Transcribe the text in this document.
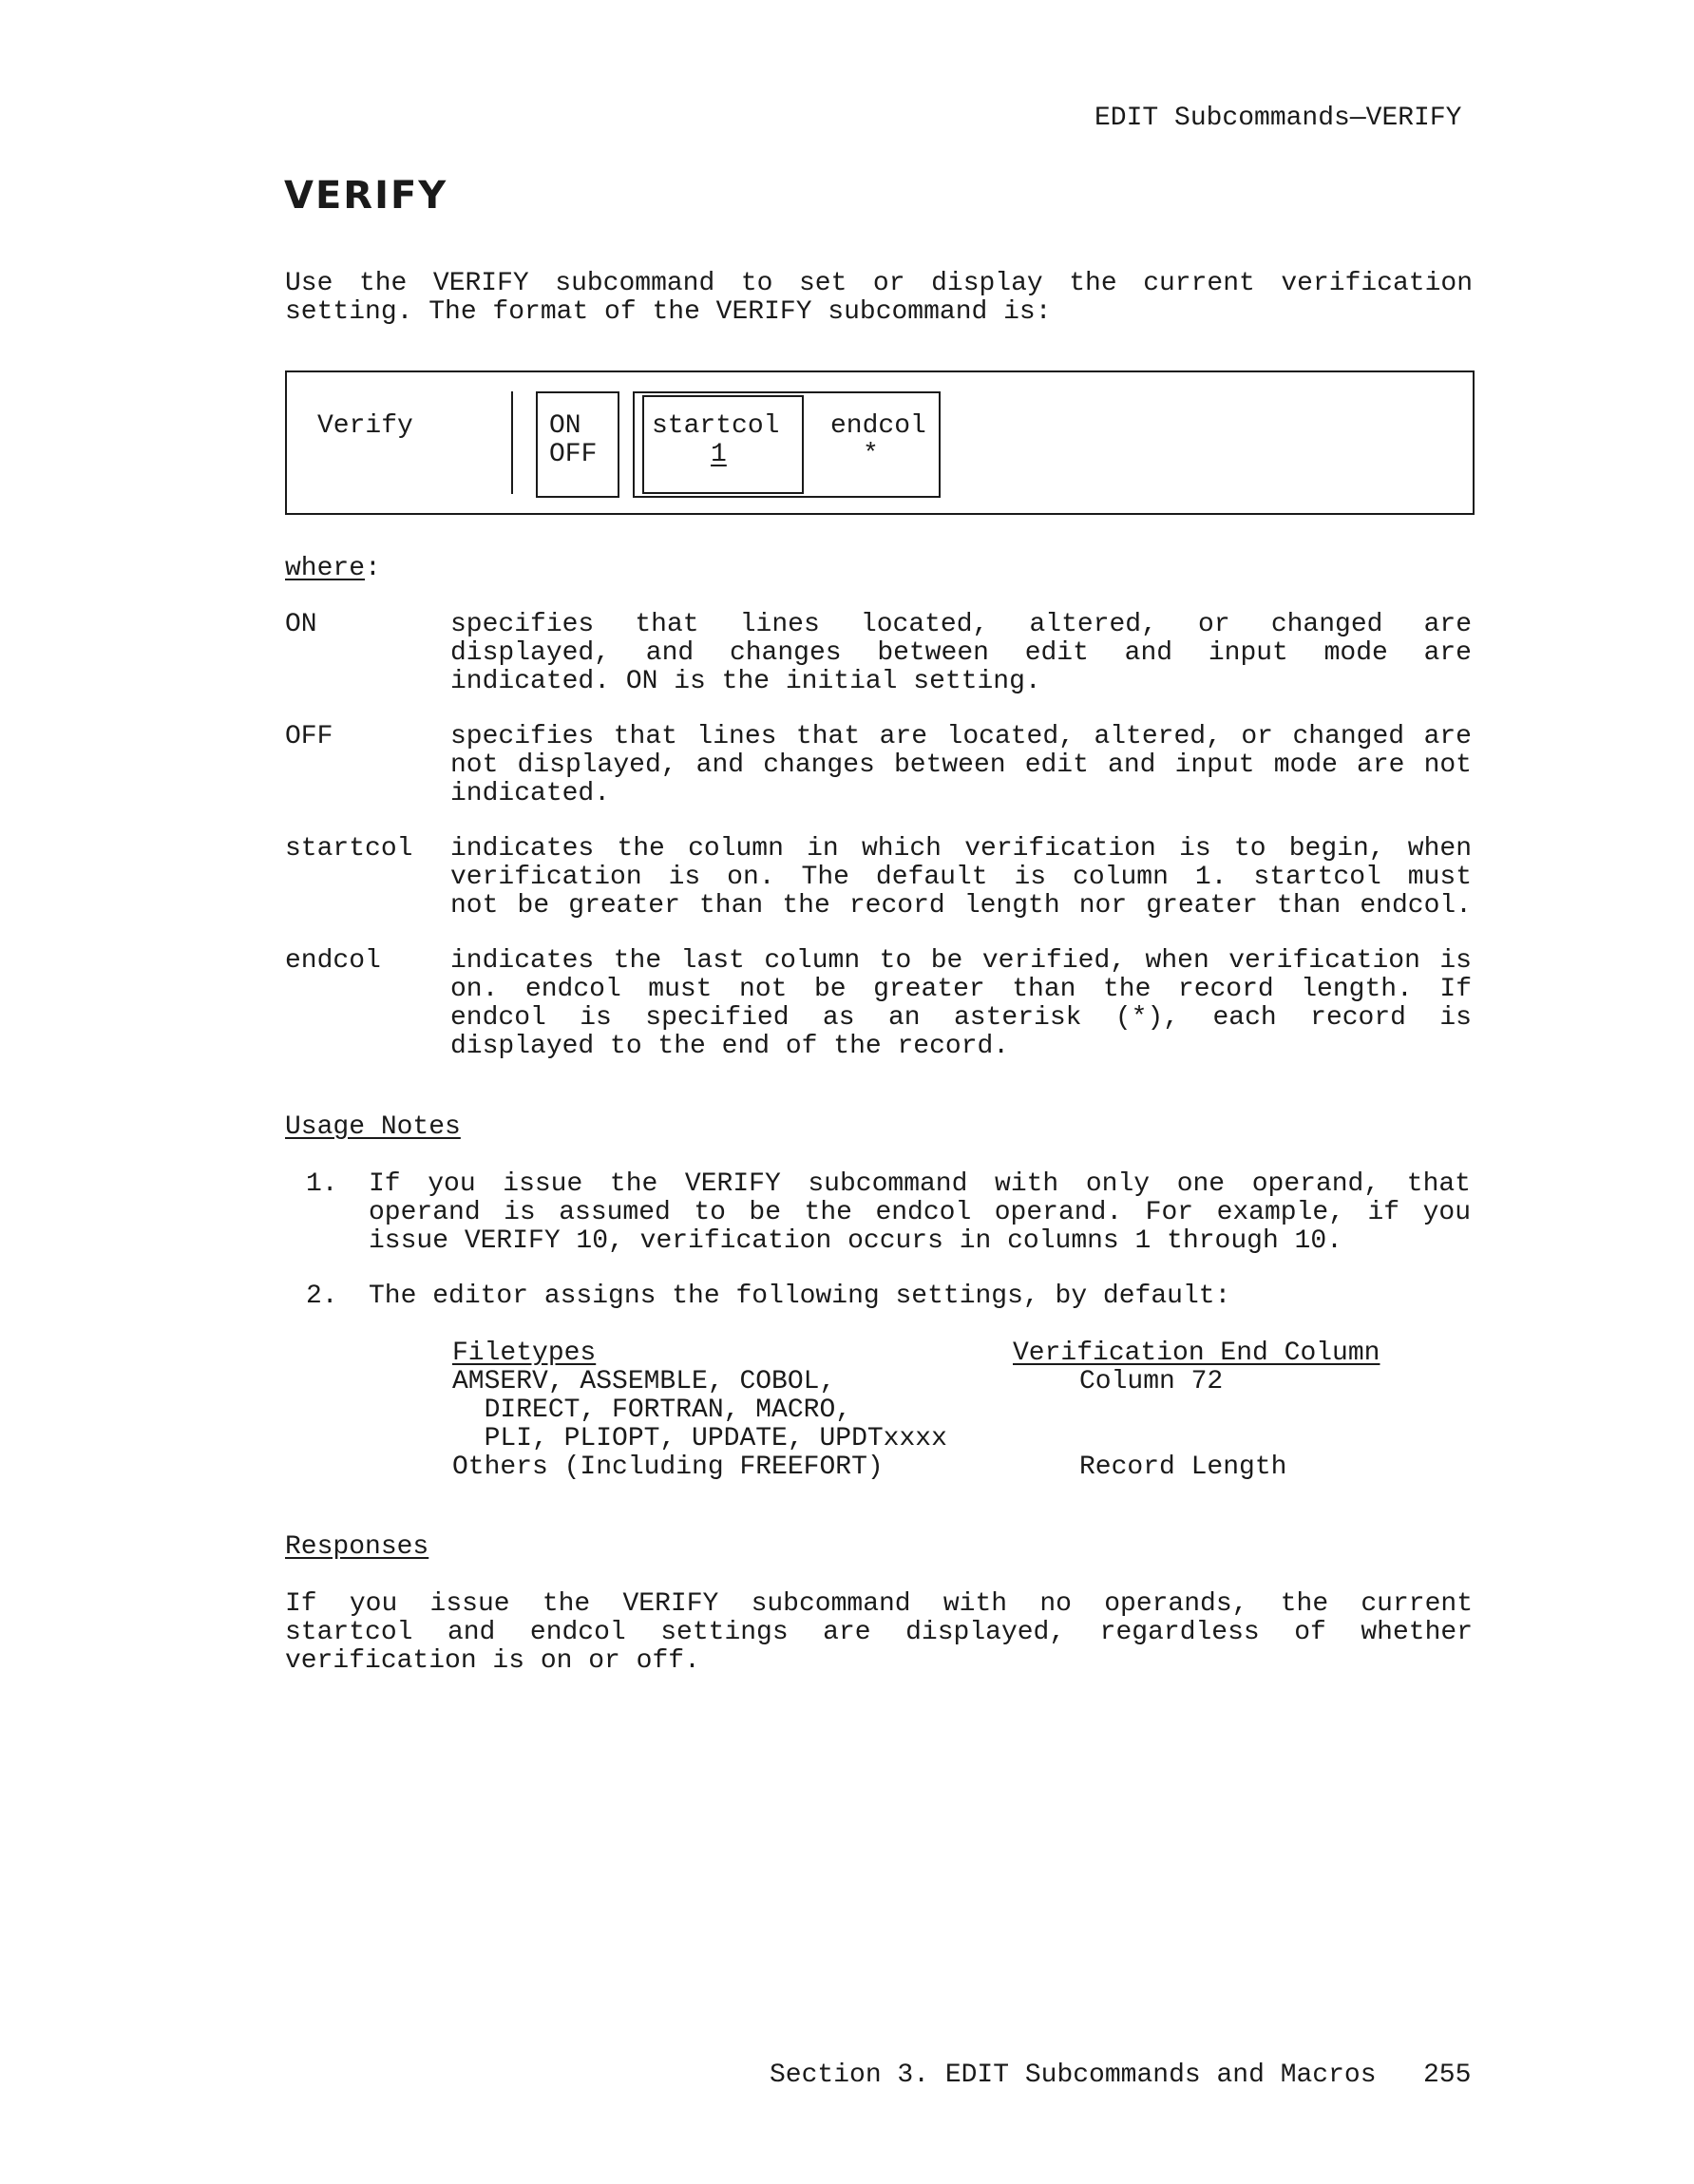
EDIT Subcommands—VERIFY
VERIFY
Use the VERIFY subcommand to set or display the current verification
setting. The format of the VERIFY subcommand is:
Verify	ON
OFF
startcol
1
endcol
*
where:
ON	specifies that lines located, altered, or changed are
displayed, and changes between edit and input mode are
indicated. ON is the initial setting.
OFF	specifies that lines that are located, altered, or changed are
not displayed, and changes between edit and input mode are not
indicated.
startcol indicates the column in which verification is to begin, when
verification is on. The default is column 1. startcol must
not be greater than the record length nor greater than endcol.
endcol	indicates the last column to be verified, when verification is
on. endcol must not be greater than the record length. If
endcol is specified as an asterisk (*), each record is
displayed to the end of the record.
Usage Notes
1. If you issue the VERIFY subcommand with only one operand, that
operand is assumed to be the endcol operand. For example, if you
issue VERIFY 10, verification occurs in columns 1 through 10.
2. The editor assigns the following settings, by default:
Filetypes	Verification End Column
AMSERV, ASSEMBLE, COBOL,	Column 72
DIRECT, FORTRAN, MACRO,
PLI, PLIOPT, UPDATE, UPDTxxxx
Others (Including FREEFORT)	Record Length
Responses
If you issue the VERIFY subcommand with no operands, the current
startcol and endcol settings are displayed, regardless of whether
verification is on or off.
Section 3. EDIT Subcommands and Macros 255
